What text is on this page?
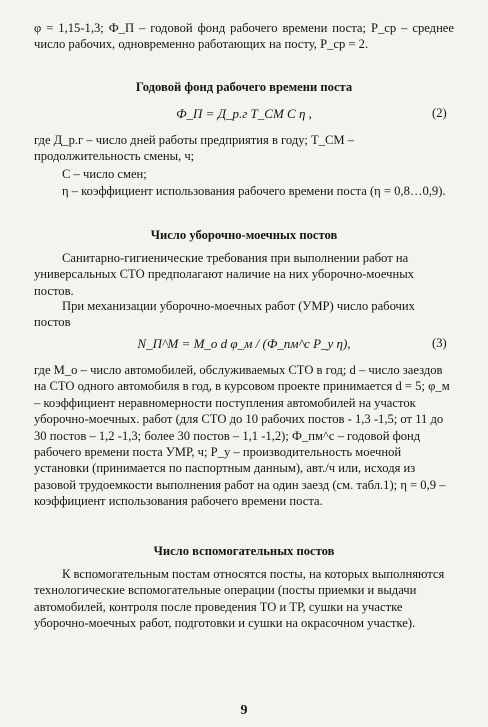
φ = 1,15-1,3; Ф_П – годовой фонд рабочего времени поста; Р_ср – среднее

число рабочих, одновременно работающих на посту, Р_ср = 2.

Годовой фонд рабочего времени поста
Ф_П = Д_р.г Т_СМ С η ,	(2)

где Д_р.г – число дней работы предприятия в году; Т_СМ – продолжительность смены, ч;

С – число смен;

η – коэффициент использования рабочего времени поста (η = 0,8…0,9).

Число уборочно-моечных постов

Санитарно-гигиенические требования при выполнении работ на универсальных СТО предполагают наличие на них уборочно-моечных постов.

При механизации уборочно-моечных работ (УМР) число рабочих постов

N_П^М = М_о d φ_м / (Ф_пм^с Р_у η),	(3)

где М_о – число автомобилей, обслуживаемых СТО в год; d – число заездов на СТО одного автомобиля в год, в курсовом проекте принимается d = 5; φ_м – коэффициент неравномерности поступления автомобилей на участок уборочно-моечных. работ (для СТО до 10 рабочих постов - 1,3 -1,5; от 11 до 30 постов – 1,2 -1,3; более 30 постов – 1,1 -1,2); Ф_пм^с – годовой фонд рабочего времени поста УМР, ч; Р_у – производительность моечной установки (принимается по паспортным данным), авт./ч или, исходя из разовой трудоемкости выполнения работ на один заезд (см. табл.1); η = 0,9 – коэффициент использования рабочего времени поста.

Число вспомогательных постов

К вспомогательным постам относятся посты, на которых выполняются технологические вспомогательные операции (посты приемки и выдачи автомобилей, контроля после проведения ТО и ТР, сушки на участке уборочно-моечных работ, подготовки и сушки на окрасочном участке).

9
